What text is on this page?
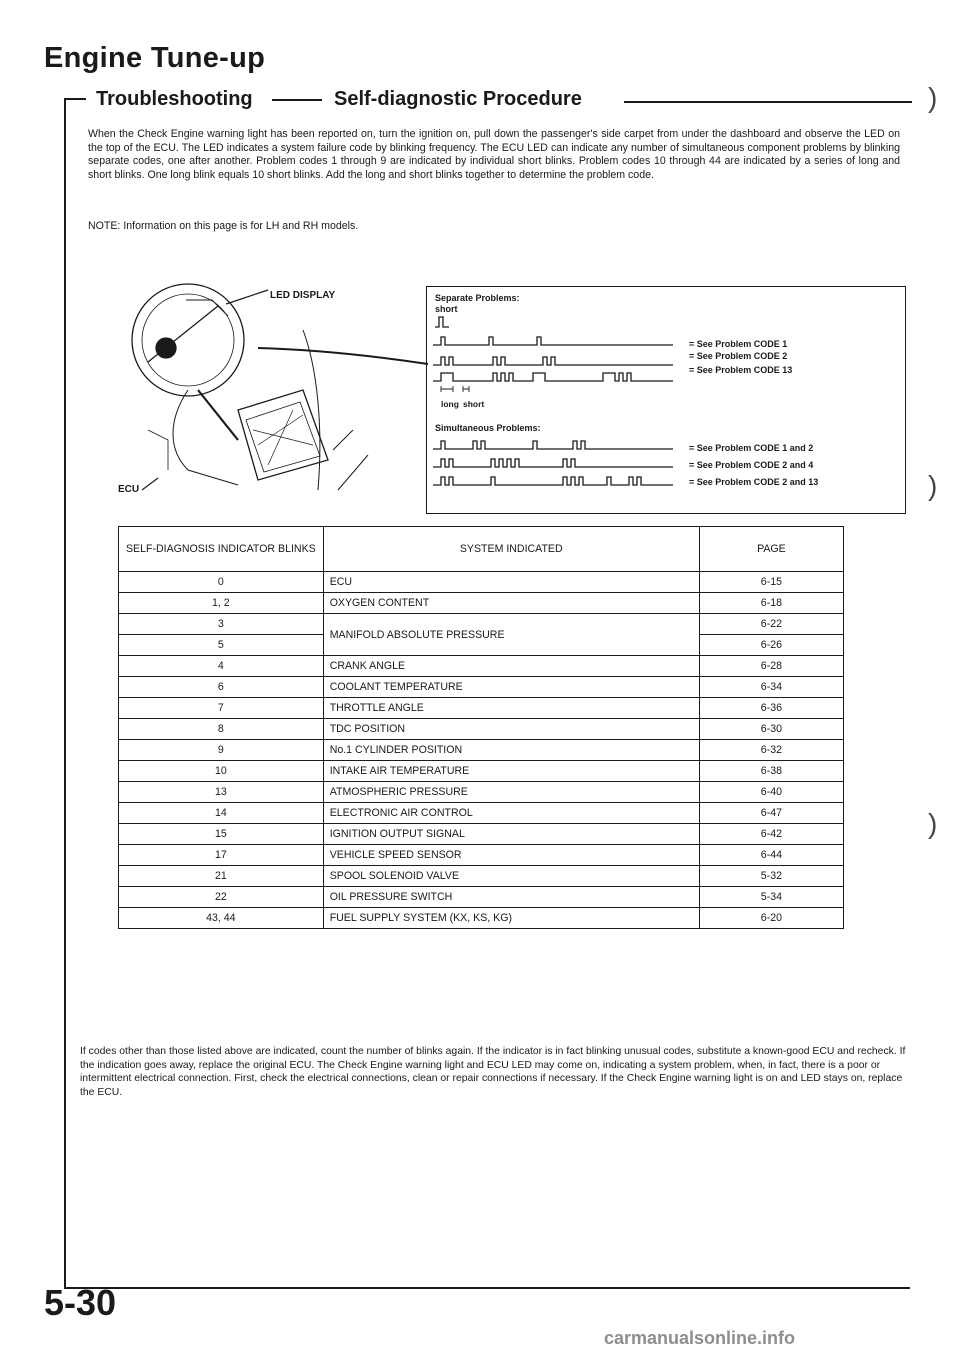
Engine Tune-up
Troubleshooting	Self-diagnostic Procedure
When the Check Engine warning light has been reported on, turn the ignition on, pull down the passenger's side carpet from under the dashboard and observe the LED on the top of the ECU. The LED indicates a system failure code by blinking frequency. The ECU LED can indicate any number of simultaneous component problems by blinking separate codes, one after another. Problem codes 1 through 9 are indicated by individual short blinks. Problem codes 10 through 44 are indicated by a series of long and short blinks. One long blink equals 10 short blinks. Add the long and short blinks together to determine the problem code.
NOTE: Information on this page is for LH and RH models.
LED DISPLAY
ECU
Separate Problems:
short
long short
= See Problem CODE 1
= See Problem CODE 2
= See Problem CODE 13
Simultaneous Problems:
= See Problem CODE 1 and 2
= See Problem CODE 2 and 4
= See Problem CODE 2 and 13
SELF-DIAGNOSIS INDICATOR BLINKS	SYSTEM INDICATED	PAGE
0	ECU	6-15
1, 2	OXYGEN CONTENT	6-18
3	MANIFOLD ABSOLUTE PRESSURE	6-22
5		6-26
4	CRANK ANGLE	6-28
6	COOLANT TEMPERATURE	6-34
7	THROTTLE ANGLE	6-36
8	TDC POSITION	6-30
9	No.1 CYLINDER POSITION	6-32
10	INTAKE AIR TEMPERATURE	6-38
13	ATMOSPHERIC PRESSURE	6-40
14	ELECTRONIC AIR CONTROL	6-47
15	IGNITION OUTPUT SIGNAL	6-42
17	VEHICLE SPEED SENSOR	6-44
21	SPOOL SOLENOID VALVE	5-32
22	OIL PRESSURE SWITCH	5-34
43, 44	FUEL SUPPLY SYSTEM (KX, KS, KG)	6-20
If codes other than those listed above are indicated, count the number of blinks again. If the indicator is in fact blinking unusual codes, substitute a known-good ECU and recheck. If the indication goes away, replace the original ECU. The Check Engine warning light and ECU LED may come on, indicating a system problem, when, in fact, there is a poor or intermittent electrical connection. First, check the electrical connections, clean or repair connections if necessary. If the Check Engine warning light is on and LED stays on, replace the ECU.
5-30
carmanualsonline.info
)
)
)
